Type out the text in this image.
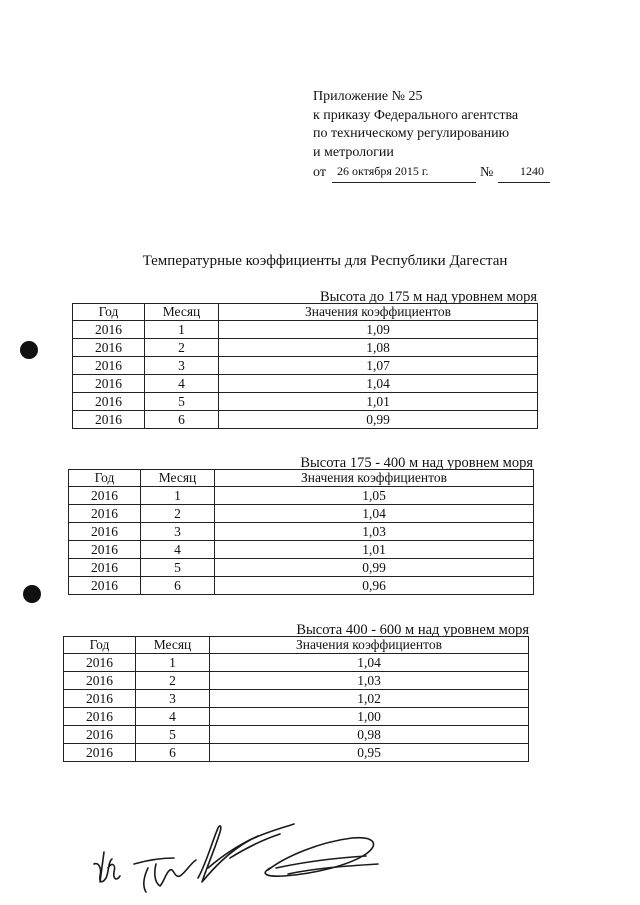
Приложение № 25
к приказу Федерального агентства
по техническому регулированию
и метрологии
от 26 октября 2015 г.	№ 1240
Температурные коэффициенты для Республики Дагестан
Высота до 175 м над уровнем моря
Год	Месяц	Значения коэффициентов
2016	1	1,09
2016	2	1,08
2016	3	1,07
2016	4	1,04
2016	5	1,01
2016	6	0,99
Высота 175 - 400 м над уровнем моря
Год	Месяц	Значения коэффициентов
2016	1	1,05
2016	2	1,04
2016	3	1,03
2016	4	1,01
2016	5	0,99
2016	6	0,96
Высота 400 - 600 м над уровнем моря
Год	Месяц	Значения коэффициентов
2016	1	1,04
2016	2	1,03
2016	3	1,02
2016	4	1,00
2016	5	0,98
2016	6	0,95
